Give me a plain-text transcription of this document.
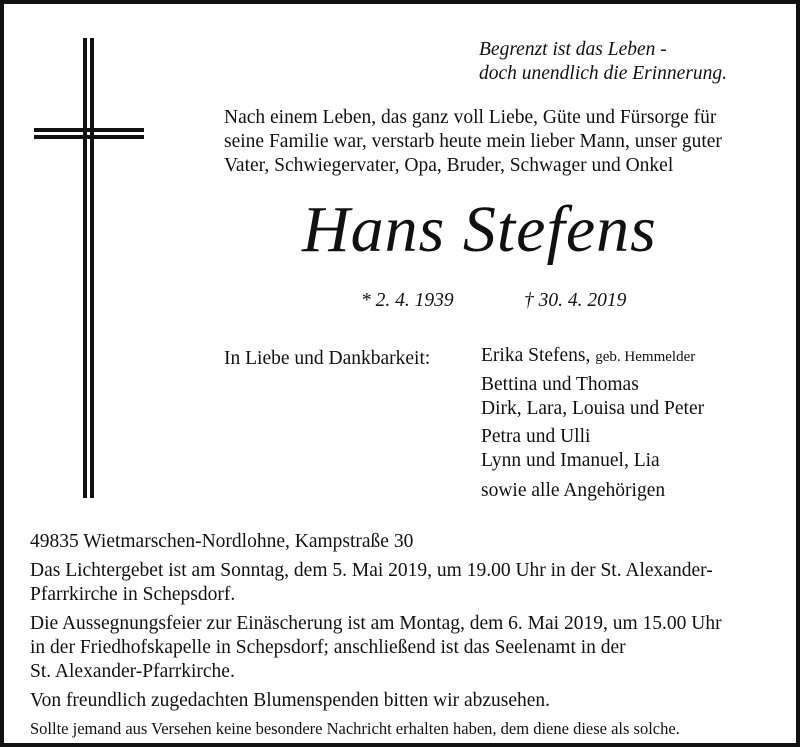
Begrenzt ist das Leben -
doch unendlich die Erinnerung.
Nach einem Leben, das ganz voll Liebe, Güte und Fürsorge für
seine Familie war, verstarb heute mein lieber Mann, unser guter
Vater, Schwiegervater, Opa, Bruder, Schwager und Onkel
Hans Stefens
* 2. 4. 1939	† 30. 4. 2019
In Liebe und Dankbarkeit:	Erika Stefens, geb. Hemmelder
Bettina und Thomas
Dirk, Lara, Louisa und Peter
Petra und Ulli
Lynn und Imanuel, Lia
sowie alle Angehörigen
49835 Wietmarschen-Nordlohne, Kampstraße 30
Das Lichtergebet ist am Sonntag, dem 5. Mai 2019, um 19.00 Uhr in der St. Alexander-
Pfarrkirche in Schepsdorf.
Die Aussegnungsfeier zur Einäscherung ist am Montag, dem 6. Mai 2019, um 15.00 Uhr
in der Friedhofskapelle in Schepsdorf; anschließend ist das Seelenamt in der
St. Alexander-Pfarrkirche.
Von freundlich zugedachten Blumenspenden bitten wir abzusehen.
Sollte jemand aus Versehen keine besondere Nachricht erhalten haben, dem diene diese als solche.
